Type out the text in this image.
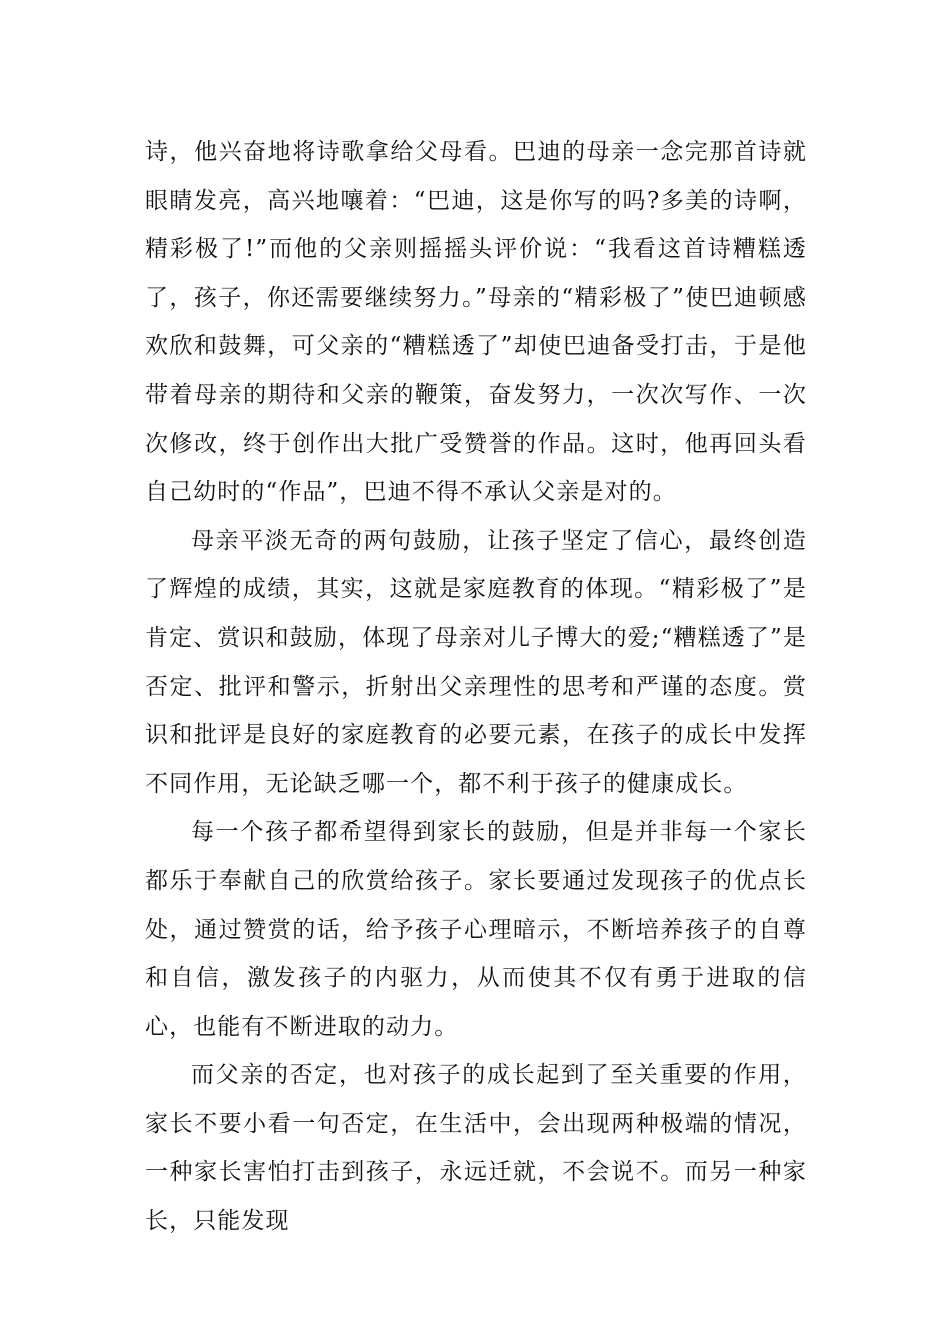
诗，他兴奋地将诗歌拿给父母看。巴迪的母亲一念完那首诗就眼睛发亮，高兴地嚷着：“巴迪，这是你写的吗?多美的诗啊，精彩极了!”而他的父亲则摇摇头评价说：“我看这首诗糟糕透了，孩子，你还需要继续努力。”母亲的“精彩极了”使巴迪顿感欢欣和鼓舞，可父亲的“糟糕透了”却使巴迪备受打击，于是他带着母亲的期待和父亲的鞭策，奋发努力，一次次写作、一次次修改，终于创作出大批广受赞誉的作品。这时，他再回头看自己幼时的“作品”，巴迪不得不承认父亲是对的。

母亲平淡无奇的两句鼓励，让孩子坚定了信心，最终创造了辉煌的成绩，其实，这就是家庭教育的体现。“精彩极了”是肯定、赏识和鼓励，体现了母亲对儿子博大的爱;“糟糕透了”是否定、批评和警示，折射出父亲理性的思考和严谨的态度。赏识和批评是良好的家庭教育的必要元素，在孩子的成长中发挥不同作用，无论缺乏哪一个，都不利于孩子的健康成长。

每一个孩子都希望得到家长的鼓励，但是并非每一个家长都乐于奉献自己的欣赏给孩子。家长要通过发现孩子的优点长处，通过赞赏的话，给予孩子心理暗示，不断培养孩子的自尊和自信，激发孩子的内驱力，从而使其不仅有勇于进取的信心，也能有不断进取的动力。

而父亲的否定，也对孩子的成长起到了至关重要的作用，家长不要小看一句否定，在生活中，会出现两种极端的情况，一种家长害怕打击到孩子，永远迁就，不会说不。而另一种家长，只能发现
